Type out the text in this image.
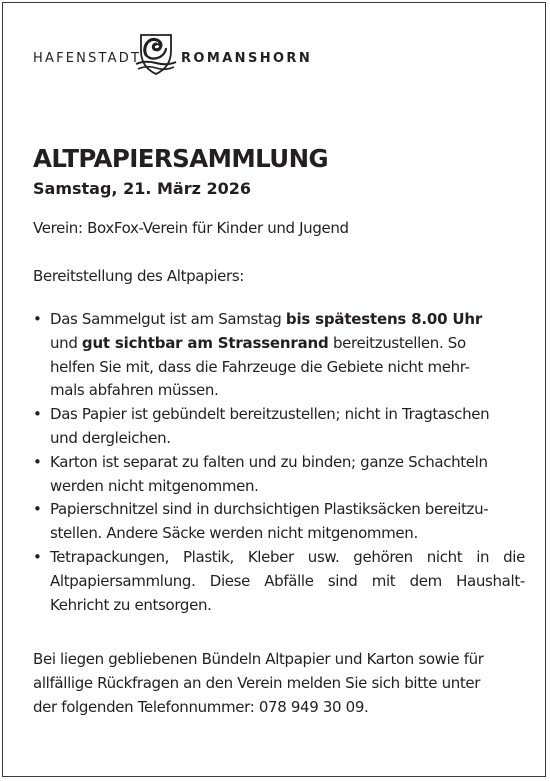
HAFENSTADT	ROMANSHORN
ALTPAPIERSAMMLUNG
Samstag, 21. März 2026
Verein: BoxFox-Verein für Kinder und Jugend
Bereitstellung des Altpapiers:
• Das Sammelgut ist am Samstag bis spätestens 8.00 Uhr
und gut sichtbar am Strassenrand bereitzustellen. So
helfen Sie mit, dass die Fahrzeuge die Gebiete nicht mehr-
mals abfahren müssen.
• Das Papier ist gebündelt bereitzustellen; nicht in Tragtaschen
und dergleichen.
• Karton ist separat zu falten und zu binden; ganze Schachteln
werden nicht mitgenommen.
• Papierschnitzel sind in durchsichtigen Plastiksäcken bereitzu-
stellen. Andere Säcke werden nicht mitgenommen.
• Tetrapackungen, Plastik, Kleber usw. gehören nicht in die
Altpapiersammlung. Diese Abfälle sind mit dem Haushalt-
Kehricht zu entsorgen.
Bei liegen gebliebenen Bündeln Altpapier und Karton sowie für
allfällige Rückfragen an den Verein melden Sie sich bitte unter
der folgenden Telefonnummer: 078 949 30 09.
